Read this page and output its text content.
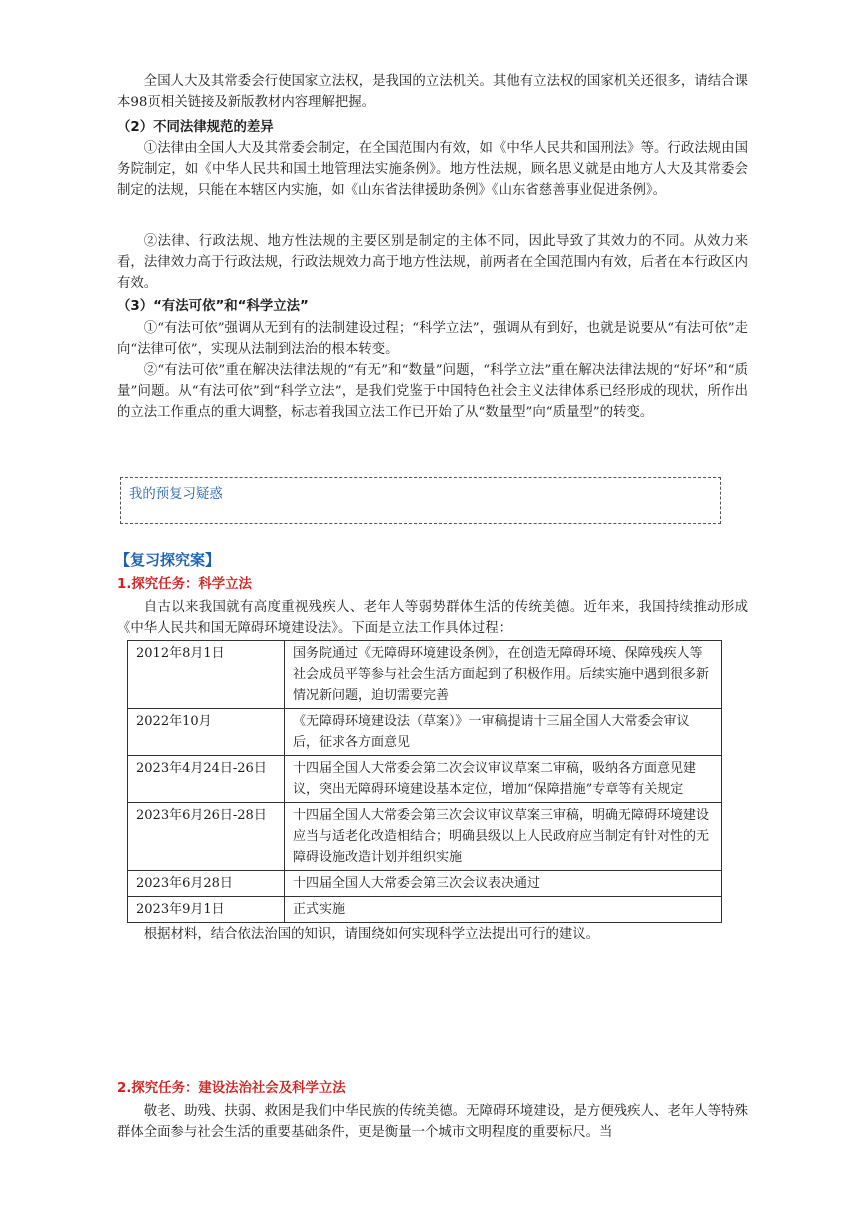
全国人大及其常委会行使国家立法权，是我国的立法机关。其他有立法权的国家机关还很多，请结合课本98页相关链接及新版教材内容理解把握。

（2）不同法律规范的差异

①法律由全国人大及其常委会制定，在全国范围内有效，如《中华人民共和国刑法》等。行政法规由国务院制定，如《中华人民共和国土地管理法实施条例》。地方性法规，顾名思义就是由地方人大及其常委会制定的法规，只能在本辖区内实施，如《山东省法律援助条例》《山东省慈善事业促进条例》。

②法律、行政法规、地方性法规的主要区别是制定的主体不同，因此导致了其效力的不同。从效力来看，法律效力高于行政法规，行政法规效力高于地方性法规，前两者在全国范围内有效，后者在本行政区内有效。

（3）“有法可依”和“科学立法”

①“有法可依”强调从无到有的法制建设过程；“科学立法”，强调从有到好，也就是说要从“有法可依”走向“法律可依”，实现从法制到法治的根本转变。

②“有法可依”重在解决法律法规的“有无”和“数量”问题，“科学立法”重在解决法律法规的“好坏”和“质量”问题。从“有法可依”到“科学立法”，是我们党鉴于中国特色社会主义法律体系已经形成的现状，所作出的立法工作重点的重大调整，标志着我国立法工作已开始了从“数量型”向“质量型”的转变。

我的预复习疑惑

【复习探究案】

1.探究任务：科学立法

自古以来我国就有高度重视残疾人、老年人等弱势群体生活的传统美德。近年来，我国持续推动形成《中华人民共和国无障碍环境建设法》。下面是立法工作具体过程：

2012年8月1日	国务院通过《无障碍环境建设条例》，在创造无障碍环境、保障残疾人等社会成员平等参与社会生活方面起到了积极作用。后续实施中遇到很多新情况新问题，迫切需要完善
2022年10月	《无障碍环境建设法（草案）》一审稿提请十三届全国人大常委会审议后，征求各方面意见
2023年4月24日-26日	十四届全国人大常委会第二次会议审议草案二审稿，吸纳各方面意见建议，突出无障碍环境建设基本定位，增加“保障措施”专章等有关规定
2023年6月26日-28日	十四届全国人大常委会第三次会议审议草案三审稿，明确无障碍环境建设应当与适老化改造相结合；明确县级以上人民政府应当制定有针对性的无障碍设施改造计划并组织实施
2023年6月28日	十四届全国人大常委会第三次会议表决通过
2023年9月1日	正式实施

根据材料，结合依法治国的知识，请围绕如何实现科学立法提出可行的建议。

2.探究任务：建设法治社会及科学立法

敬老、助残、扶弱、救困是我们中华民族的传统美德。无障碍环境建设，是方便残疾人、老年人等特殊群体全面参与社会生活的重要基础条件，更是衡量一个城市文明程度的重要标尺。当
